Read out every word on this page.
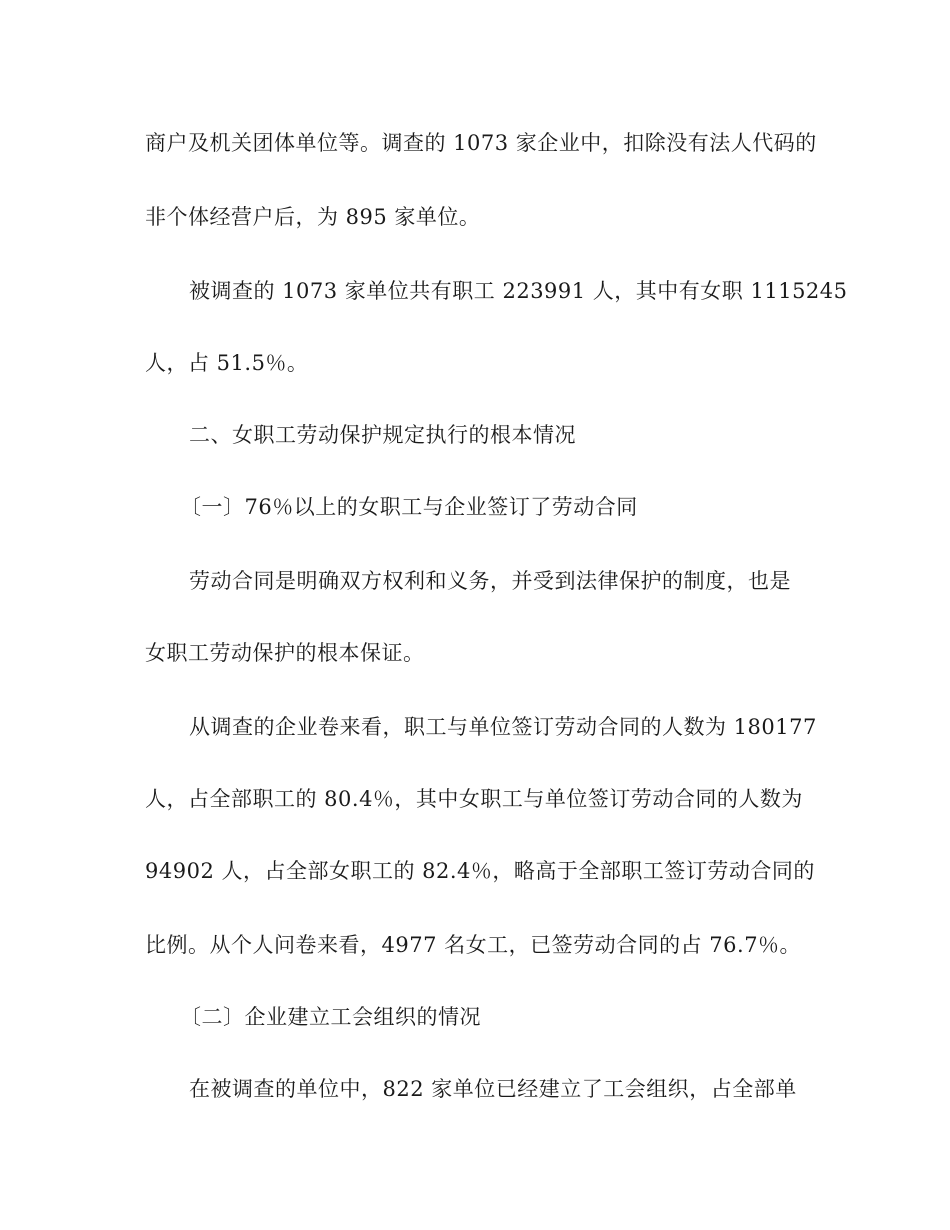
商户及机关团体单位等。调查的 1073 家企业中，扣除没有法人代码的
非个体经营户后，为 895 家单位。
被调查的 1073 家单位共有职工 223991 人，其中有女职 1115245
人，占 51.5％。
二、女职工劳动保护规定执行的根本情况
〔一〕76％以上的女职工与企业签订了劳动合同
劳动合同是明确双方权利和义务，并受到法律保护的制度，也是
女职工劳动保护的根本保证。
从调查的企业卷来看，职工与单位签订劳动合同的人数为 180177
人，占全部职工的 80.4％，其中女职工与单位签订劳动合同的人数为
94902 人，占全部女职工的 82.4％，略高于全部职工签订劳动合同的
比例。从个人问卷来看，4977 名女工，已签劳动合同的占 76.7％。
〔二〕企业建立工会组织的情况
在被调查的单位中，822 家单位已经建立了工会组织，占全部单
